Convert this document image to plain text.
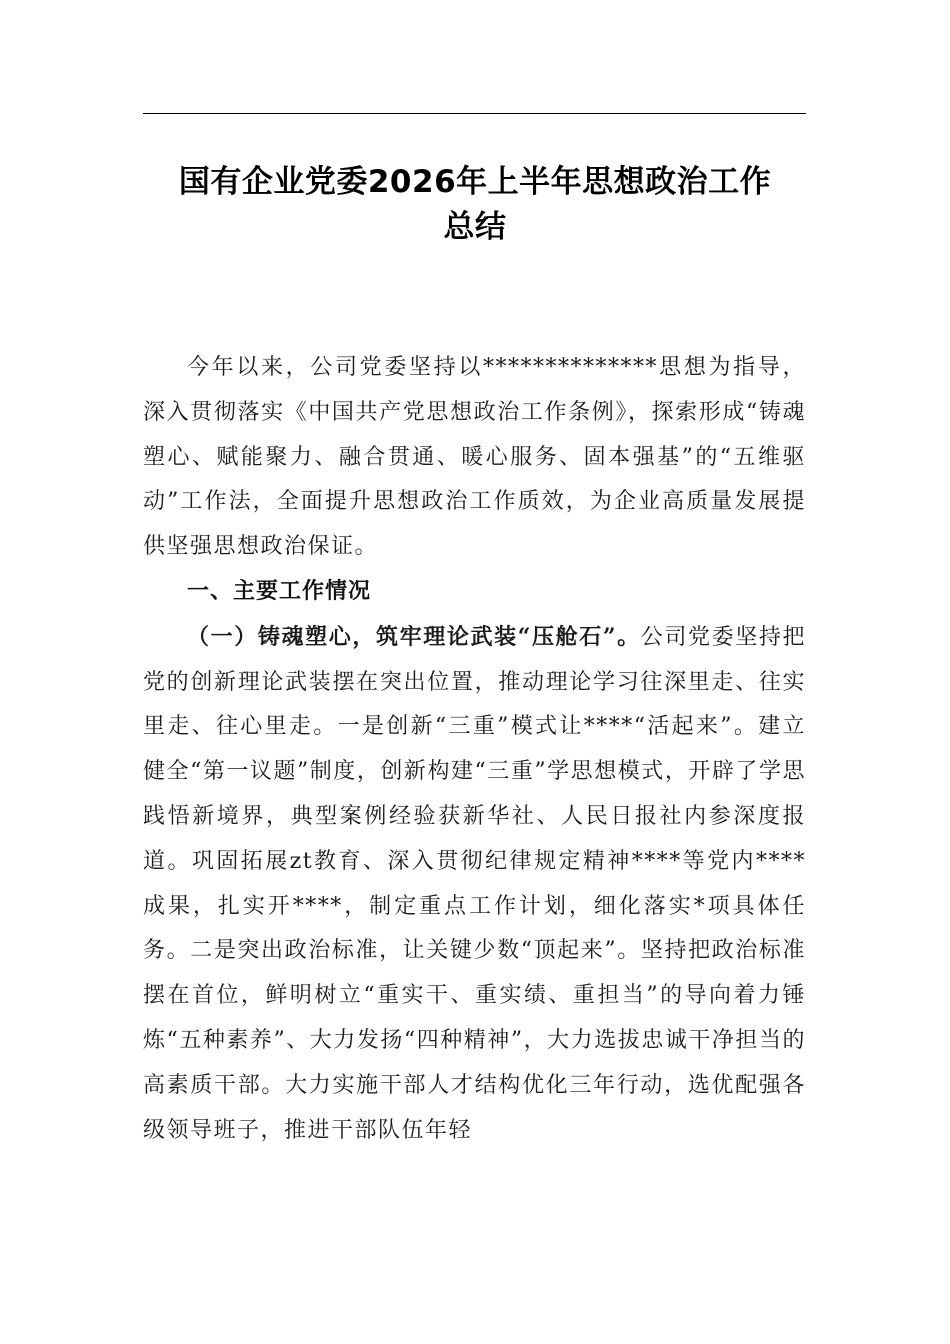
国有企业党委2026年上半年思想政治工作
总结

今年以来，公司党委坚持以**************思想为指导，深入贯彻落实《中国共产党思想政治工作条例》，探索形成“铸魂塑心、赋能聚力、融合贯通、暖心服务、固本强基”的“五维驱动”工作法，全面提升思想政治工作质效，为企业高质量发展提供坚强思想政治保证。

一、主要工作情况

（一）铸魂塑心，筑牢理论武装“压舱石”。公司党委坚持把党的创新理论武装摆在突出位置，推动理论学习往深里走、往实里走、往心里走。一是创新“三重”模式让****“活起来”。建立健全“第一议题”制度，创新构建“三重”学思想模式，开辟了学思践悟新境界，典型案例经验获新华社、人民日报社内参深度报道。巩固拓展zt教育、深入贯彻纪律规定精神****等党内****成果，扎实开****，制定重点工作计划，细化落实*项具体任务。二是突出政治标准，让关键少数“顶起来”。坚持把政治标准摆在首位，鲜明树立“重实干、重实绩、重担当”的导向着力锤炼“五种素养”、大力发扬“四种精神”，大力选拔忠诚干净担当的高素质干部。大力实施干部人才结构优化三年行动，选优配强各级领导班子，推进干部队伍年轻
